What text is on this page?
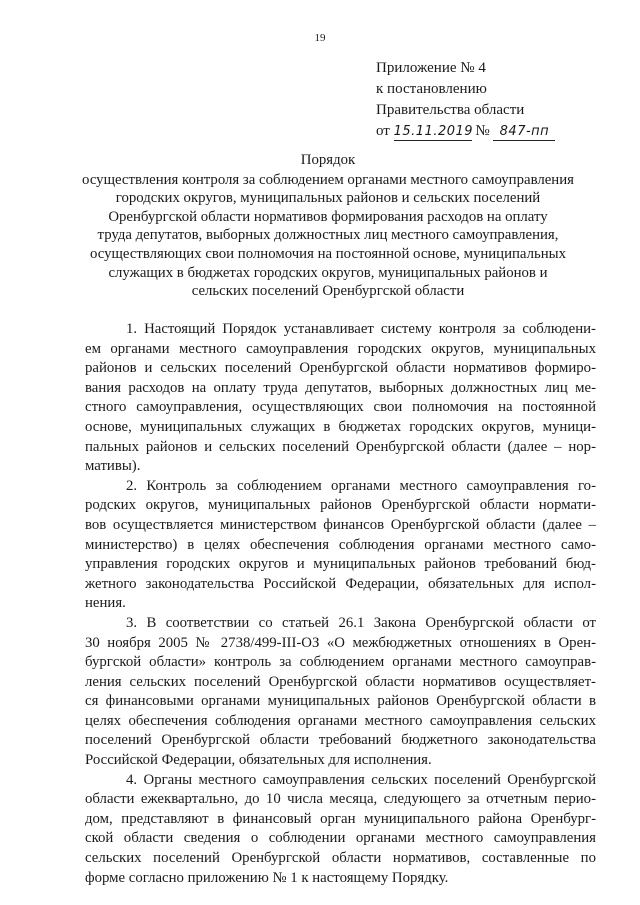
19
Приложение № 4
к постановлению
Правительства области
от 15.11.2019 № 847-пп
Порядок
осуществления контроля за соблюдением органами местного самоуправления
городских округов, муниципальных районов и сельских поселений
Оренбургской области нормативов формирования расходов на оплату
труда депутатов, выборных должностных лиц местного самоуправления,
осуществляющих свои полномочия на постоянной основе, муниципальных
служащих в бюджетах городских округов, муниципальных районов и
сельских поселений Оренбургской области

1. Настоящий Порядок устанавливает систему контроля за соблюдени-
ем органами местного самоуправления городских округов, муниципальных
районов и сельских поселений Оренбургской области нормативов формиро-
вания расходов на оплату труда депутатов, выборных должностных лиц ме-
стного самоуправления, осуществляющих свои полномочия на постоянной
основе, муниципальных служащих в бюджетах городских округов, муници-
пальных районов и сельских поселений Оренбургской области (далее – нор-
мативы).

2. Контроль за соблюдением органами местного самоуправления го-
родских округов, муниципальных районов Оренбургской области нормати-
вов осуществляется министерством финансов Оренбургской области (далее –
министерство) в целях обеспечения соблюдения органами местного само-
управления городских округов и муниципальных районов требований бюд-
жетного законодательства Российской Федерации, обязательных для испол-
нения.

3. В соответствии со статьей 26.1 Закона Оренбургской области от
30 ноября 2005 № 2738/499-III-ОЗ «О межбюджетных отношениях в Орен-
бургской области» контроль за соблюдением органами местного самоуправ-
ления сельских поселений Оренбургской области нормативов осуществляет-
ся финансовыми органами муниципальных районов Оренбургской области в
целях обеспечения соблюдения органами местного самоуправления сельских
поселений Оренбургской области требований бюджетного законодательства
Российской Федерации, обязательных для исполнения.

4. Органы местного самоуправления сельских поселений Оренбургской
области ежеквартально, до 10 числа месяца, следующего за отчетным перио-
дом, представляют в финансовый орган муниципального района Оренбург-
ской области сведения о соблюдении органами местного самоуправления
сельских поселений Оренбургской области нормативов, составленные по
форме согласно приложению № 1 к настоящему Порядку.
